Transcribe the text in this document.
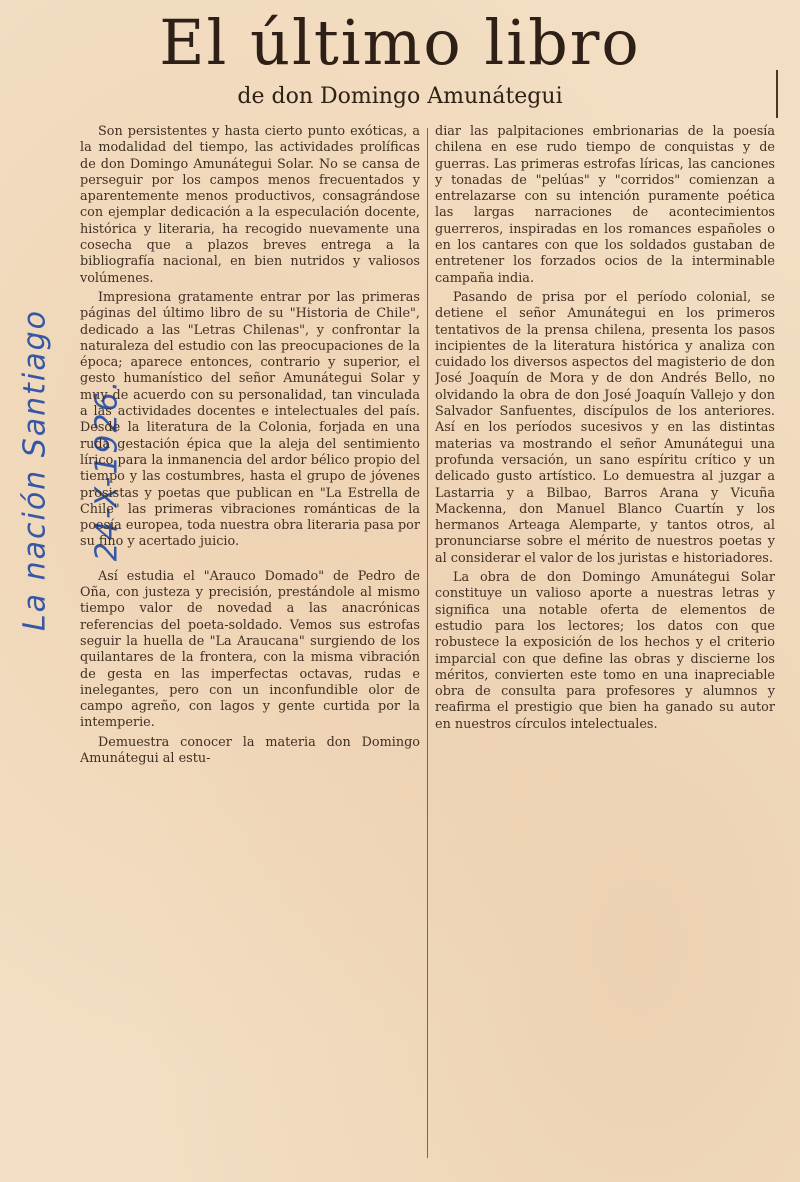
El último libro
de don Domingo Amunátegui
La nación Santiago 24-X-1926.

Son persistentes y hasta cierto punto exóticas, a la modalidad del tiempo, las actividades prolíficas de don Domingo Amunátegui Solar. No se cansa de perseguir por los campos menos frecuentados y aparentemente menos productivos, consagrándose con ejemplar dedicación a la especulación docente, histórica y literaria, ha recogido nuevamente una cosecha que a plazos breves entrega a la bibliografía nacional, en bien nutridos y valiosos volúmenes.

Impresiona gratamente entrar por las primeras páginas del último libro de su "Historia de Chile", dedicado a las "Letras Chilenas", y confrontar la naturaleza del estudio con las preocupaciones de la época; aparece entonces, contrario y superior, el gesto humanístico del señor Amunátegui Solar y muy de acuerdo con su personalidad, tan vinculada a las actividades docentes e intelectuales del país. Desde la literatura de la Colonia, forjada en una ruda gestación épica que la aleja del sentimiento lírico para la inmanencia del ardor bélico propio del tiempo y las costumbres, hasta el grupo de jóvenes prosistas y poetas que publican en "La Estrella de Chile" las primeras vibraciones románticas de la poesía europea, toda nuestra obra literaria pasa por su fino y acertado juicio.

Así estudia el "Arauco Domado" de Pedro de Oña, con justeza y precisión, prestándole al mismo tiempo valor de novedad a las anacrónicas referencias del poeta-soldado. Vemos sus estrofas seguir la huella de "La Araucana" surgiendo de los quilantares de la frontera, con la misma vibración de gesta en las imperfectas octavas, rudas e inelegantes, pero con un inconfundible olor de campo agreño, con lagos y gente curtida por la intemperie.

Demuestra conocer la materia don Domingo Amunátegui al estu-

diar las palpitaciones embrionarias de la poesía chilena en ese rudo tiempo de conquistas y de guerras. Las primeras estrofas líricas, las canciones y tonadas de "pelúas" y "corridos" comienzan a entrelazarse con su intención puramente poética las largas narraciones de acontecimientos guerreros, inspiradas en los romances españoles o en los cantares con que los soldados gustaban de entretener los forzados ocios de la interminable campaña india.

Pasando de prisa por el período colonial, se detiene el señor Amunátegui en los primeros tentativos de la prensa chilena, presenta los pasos incipientes de la literatura histórica y analiza con cuidado los diversos aspectos del magisterio de don José Joaquín de Mora y de don Andrés Bello, no olvidando la obra de don José Joaquín Vallejo y don Salvador Sanfuentes, discípulos de los anteriores. Así en los períodos sucesivos y en las distintas materias va mostrando el señor Amunátegui una profunda versación, un sano espíritu crítico y un delicado gusto artístico. Lo demuestra al juzgar a Lastarria y a Bilbao, Barros Arana y Vicuña Mackenna, don Manuel Blanco Cuartín y los hermanos Arteaga Alemparte, y tantos otros, al pronunciarse sobre el mérito de nuestros poetas y al considerar el valor de los juristas e historiadores.

La obra de don Domingo Amunátegui Solar constituye un valioso aporte a nuestras letras y significa una notable oferta de elementos de estudio para los lectores; los datos con que robustece la exposición de los hechos y el criterio imparcial con que define las obras y discierne los méritos, convierten este tomo en una inapreciable obra de consulta para profesores y alumnos y reafirma el prestigio que bien ha ganado su autor en nuestros círculos intelectuales.
